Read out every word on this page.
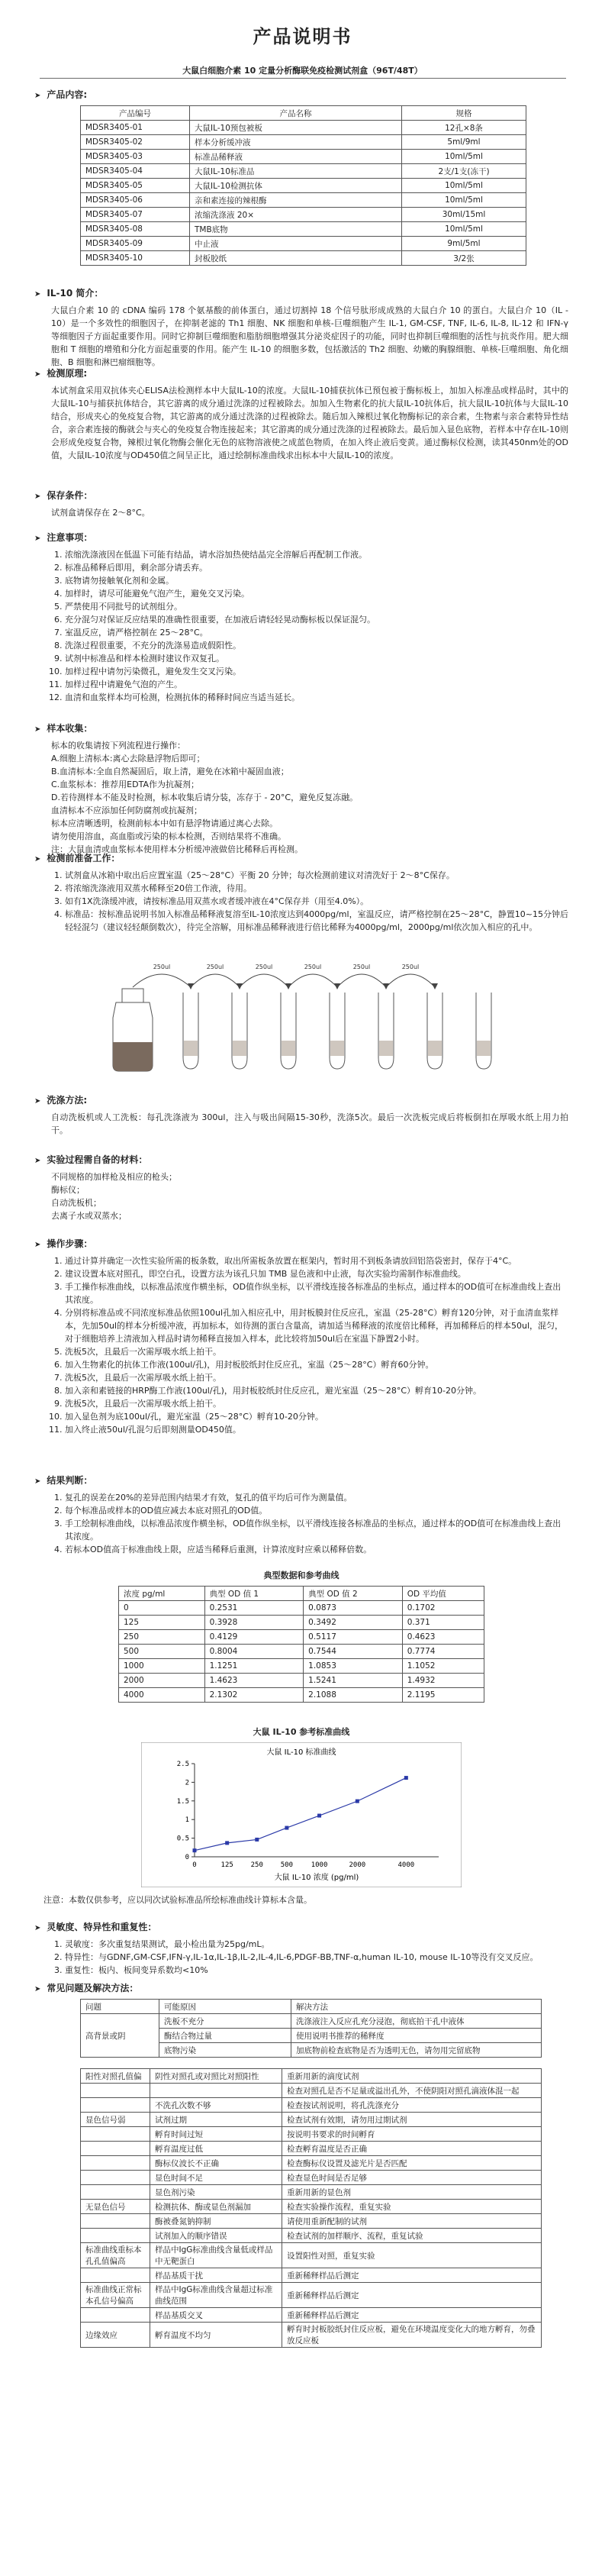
产品说明书
大鼠白细胞介素 10 定量分析酶联免疫检测试剂盒（96T/48T）
➤ 产品内容:
产品编号	产品名称	规格
MDSR3405-01	大鼠IL-10预包被板	12孔×8条
MDSR3405-02	样本分析缓冲液	5ml/9ml
MDSR3405-03	标准品稀释液	10ml/5ml
MDSR3405-04	大鼠IL-10标准品	2支/1支(冻干)
MDSR3405-05	大鼠IL-10检测抗体	10ml/5ml
MDSR3405-06	亲和素连接的辣根酶	10ml/5ml
MDSR3405-07	浓缩洗涤液 20×	30ml/15ml
MDSR3405-08	TMB底物	10ml/5ml
MDSR3405-09	中止液	9ml/5ml
MDSR3405-10	封板胶纸	3/2张
➤ IL-10 简介：
大鼠白介素 10 的 cDNA 编码 178 个氨基酸的前体蛋白，通过切割掉 18 个信号肽形成成熟的大鼠白介 10 的蛋白。大鼠白介 10（IL - 10）是一个多效性的细胞因子，在抑制老滤的 Th1 细胞、NK 细胞和单核-巨噬细胞产生 IL-1, GM-CSF, TNF, IL-6, IL-8, IL-12 和 IFN-γ 等细胞因子方面起重要作用。同时它抑制巨噬细胞和脂肪细胞增强其分泌炎症因子的功能，同时也抑制巨噬细胞的活性与抗炎作用。肥大细胞和 T 细胞的增殖和分化方面起重要的作用。能产生 IL-10 的细胞多数，包括激活的 Th2 细胞、幼嫩的胸腺细胞、单核-巨噬细胞、角化细胞、B 细胞和淋巴瘤细胞等。
➤ 检测原理:
本试剂盒采用双抗体夹心ELISA法检测样本中大鼠IL-10的浓度。大鼠IL-10捕获抗体已预包被于酶标板上，加加入标准品或样品时，其中的大鼠IL-10与捕获抗体结合，其它游离的成分通过洗涤的过程被除去。加加入生物素化的抗大鼠IL-10抗体后，抗大鼠IL-10抗体与大鼠IL-10结合，形成夹心的免疫复合物，其它游离的成分通过洗涤的过程被除去。随后加入辣根过氧化物酶标记的亲合素，生物素与亲合素特异性结合，亲合素连接的酶就会与夹心的免疫复合物连接起来；其它游离的成分通过洗涤的过程被除去。最后加入显色底物，若样本中存在IL-10则会形成免疫复合物，辣根过氧化物酶会催化无色的底物溶液使之成蓝色物质，在加入终止液后变黄。通过酶标仪检测，读其450nm处的OD值，大鼠IL-10浓度与OD450值之间呈正比，通过绘制标准曲线求出标本中大鼠IL-10的浓度。
➤ 保存条件：
试剂盒请保存在 2～8°C。
➤ 注意事项：
1. 浓缩洗涤液因在低温下可能有结晶，请水浴加热使结晶完全溶解后再配制工作液。
2. 标准品稀释后即用，剩余部分请丢弃。
3. 底物请勿接触氧化剂和金属。
4. 加样时，请尽可能避免气泡产生，避免交叉污染。
5. 严禁使用不同批号的试剂组分。
6. 充分混匀对保证反应结果的准确性很重要，在加液后请轻轻晃动酶标板以保证混匀。
7. 室温反应，请严格控制在 25～28°C。
8. 洗涤过程很重要，不充分的洗涤易造成假阳性。
9. 试剂中标准品和样本检测时建议作双复孔。
10. 加样过程中请勿污染微孔，避免发生交叉污染。
11. 加样过程中请避免气泡的产生。
12. 血清和血浆样本均可检测，检测抗体的稀释时间应当适当延长。
➤ 样本收集：
标本的收集请按下列流程进行操作：
A.细胞上清标本:离心去除悬浮物后即可；
B.血清标本:全血自然凝固后，取上清，避免在冰箱中凝固血液；
C.血浆标本：推荐用EDTA作为抗凝剂；
D.若待测样本不能及时检测，标本收集后请分装，冻存于 - 20°C，避免反复冻融。
血清标本不应添加任何防腐剂或抗凝剂；
标本应清晰透明，检测前标本中如有悬浮物请通过离心去除。
请勿使用溶血，高血脂或污染的标本检测，否则结果将不准确。
注：大鼠血清或血浆标本使用样本分析缓冲液做倍比稀释后再检测。
➤ 检测前准备工作：
1. 试剂盒从冰箱中取出后应置室温（25～28°C）平衡 20 分钟；每次检测前建议对清洗好于 2～8°C保存。
2. 将浓缩洗涤液用双蒸水稀释至20倍工作液，待用。
3. 如有1X洗涤缓冲液，请按标准品用双蒸水或者缓冲液在4°C保存并（用至4.0%）。
4. 标准品：按标准品说明书加入标准品稀释液复溶至IL-10浓度达到4000pg/ml，室温反应，请严格控制在25～28°C，静置10~15分钟后轻轻混匀（建议轻轻颠倒数次），待完全溶解，用标准品稀释液进行倍比稀释为4000pg/ml，2000pg/ml依次加入相应的孔中。
250ul	250ul	250ul	250ul	250ul	250ul
➤ 洗涤方法:
自动洗板机或人工洗板：每孔洗涤液为 300ul，注入与吸出间隔15-30秒，洗涤5次。最后一次洗板完成后将板倒扣在厚吸水纸上用力拍干。
➤ 实验过程需自备的材料：
不同规格的加样枪及相应的枪头；
酶标仪；
自动洗板机；
去离子水或双蒸水；
➤ 操作步骤：
1. 通过计算并确定一次性实验所需的板条数，取出所需板条放置在框架内，暂时用不到板条请放回铝箔袋密封，保存于4°C。
2. 建议设置本底对照孔，即空白孔，设置方法为该孔只加 TMB 显色液和中止液，每次实验均需制作标准曲线。
3. 手工操作标准曲线，以标准品浓度作横坐标，OD值作纵坐标，以平滑线连接各标准品的坐标点，通过样本的OD值可在标准曲线上查出其浓度。
4. 分别将标准品或不同浓度标准品依照100ul孔加入相应孔中，用封板膜封住反应孔，室温（25-28°C）孵育120分钟，对于血清血浆样本，先加50ul的样本分析缓冲液，再加标本，如待测的蛋白含量高，请加适当稀释液的浓度倍比稀释，再加稀释后的样本50ul，混匀，对于细胞培养上清液加入样品时请勿稀释直接加入样本，此比较将加50ul后在室温下静置2小时。
5. 洗板5次，且最后一次需厚吸水纸上拍干。
6. 加入生物素化的抗体工作液(100ul/孔)，用封板胶纸封住反应孔，室温（25～28°C）孵育60分钟。
7. 洗板5次，且最后一次需厚吸水纸上拍干。
8. 加入亲和素链接的HRP酶工作液(100ul/孔)，用封板胶纸封住反应孔，避光室温（25～28°C）孵育10-20分钟。
9. 洗板5次，且最后一次需厚吸水纸上拍干。
10. 加入显色剂为底100ul/孔，避光室温（25～28°C）孵育10-20分钟。
11. 加入终止液50ul/孔混匀后即刻测量OD450值。
➤ 结果判断：
1. 复孔的误差在20%的差异范围内结果才有效，复孔的值平均后可作为测量值。
2. 每个标准品或样本的OD值应减去本底对照孔的OD值。
3. 手工绘制标准曲线，以标准品浓度作横坐标，OD值作纵坐标，以平滑线连接各标准品的坐标点，通过样本的OD值可在标准曲线上查出其浓度。
4. 若标本OD值高于标准曲线上限，应适当稀释后重测，计算浓度时应乘以稀释倍数。
典型数据和参考曲线
浓度 pg/ml	典型 OD 值 1	典型 OD 值 2	OD 平均值
0	0.2531	0.0873	0.1702
125	0.3928	0.3492	0.371
250	0.4129	0.5117	0.4623
500	0.8004	0.7544	0.7774
1000	1.1251	1.0853	1.1052
2000	1.4623	1.5241	1.4932
4000	2.1302	2.1088	2.1195
大鼠 IL-10 参考标准曲线
大鼠 IL-10 标准曲线
0
0.5
1
1.5
2
2.5
0	125	250	500	1000	2000	4000
大鼠 IL-10 浓度 (pg/ml)
注意：本数仅供参考，应以同次试验标准品所绘标准曲线计算标本含量。
➤ 灵敏度、特异性和重复性：
1. 灵敏度：多次重复结果测试，最小检出量为25pg/mL。
2. 特异性：与GDNF,GM-CSF,IFN-γ,IL-1α,IL-1β,IL-2,IL-4,IL-6,PDGF-BB,TNF-α,human IL-10, mouse IL-10等没有交叉反应。
3. 重复性：板内、板间变异系数均<10%
➤ 常见问题及解决方法：
问题	可能原因	解决方法
高背景或阴	洗板不充分	洗涤液注入反应孔充分浸泡，彻底拍干孔中液体
	酶结合物过量	使用说明书推荐的稀释度
	底物污染	加底物前检查底物是否为透明无色，请勿用完留底物
阳性对照孔值偏	阴性对照孔或对照比对照阳性	重新用新的滴度试剂
		检查对照孔是否不足量或溢出孔外，不使阴阳对照孔滴液体混一起
	不洗孔次数不够	检查按试剂说明，将孔洗涤充分
显色信号弱	试剂过期	检查试剂有效期，请勿用过期试剂
	孵育时间过短	按说明书要求的时间孵育
	孵育温度过低	检查孵育温度是否正确
	酶标仪波长不正确	检查酶标仪设置及滤光片是否匹配
	显色时间不足	检查显色时间是否足够
	显色剂污染	重新用新的显色剂
无显色信号	检测抗体、酶或显色剂漏加	检查实验操作流程，重复实验
	酶被叠氮钠抑制	请使用重新配制的试剂
	试剂加入的顺序错误	检查试剂的加样顺序、流程，重复试验
标准曲线重标本孔孔值偏高	样品中IgG标准曲线含量低或样品中无靶蛋白	设置阳性对照，重复实验
	样品基质干扰	重新稀释样品后测定
标准曲线正常标本孔信号偏高	样品中IgG标准曲线含量超过标准曲线范围	重新稀释样品后测定
	样品基质交叉	重新稀释样品后测定
边缘效应	孵育温度不均匀	孵育时封板胶纸封住反应板，避免在环境温度变化大的地方孵育，勿叠放反应板
